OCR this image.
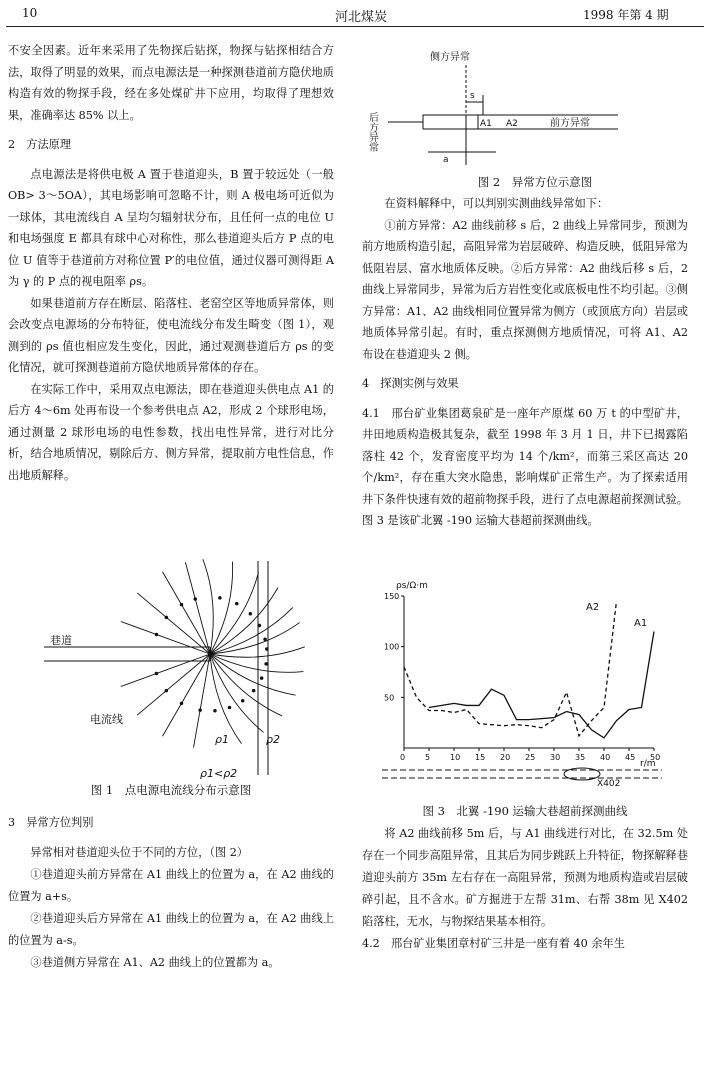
10	河北煤炭	1998 年第 4 期

不安全因素。近年来采用了先物探后钻探，物探与钻探相结合方法，取得了明显的效果，而点电源法是一种探测巷道前方隐伏地质构造有效的物探手段，经在多处煤矿井下应用，均取得了理想效果，准确率达 85% 以上。

2　方法原理

点电源法是将供电极 A 置于巷道迎头，B 置于较远处（一般 OB> 3～5OA），其电场影响可忽略不计，则 A 极电场可近似为一球体，其电流线自 A 呈均匀辐射状分布，且任何一点的电位 U 和电场强度 E 都具有球中心对称性，那么巷道迎头后方 P 点的电位 U 值等于巷道前方对称位置 P′的电位值，通过仪器可测得距 A 为 γ 的 P 点的视电阻率 ρs。

如果巷道前方存在断层、陷落柱、老窑空区等地质异常体，则会改变点电源场的分布特征，使电流线分布发生畸变（图 1），观测到的 ρs 值也相应发生变化，因此，通过观测巷道后方 ρs 的变化情况，就可探测巷道前方隐伏地质异常体的存在。

在实际工作中，采用双点电源法，即在巷道迎头供电点 A1 的后方 4～6m 处再布设一个参考供电点 A2，形成 2 个球形电场，通过测量 2 球形电场的电性参数，找出电性异常，进行对比分析，结合地质情况，剔除后方、侧方异常，提取前方电性信息，作出地质解释。

巷道
电流线
ρ1	ρ2
ρ1<ρ2
图 1　点电源电流线分布示意图

3　异常方位判别

异常相对巷道迎头位于不同的方位，（图 2）

①巷道迎头前方异常在 A1 曲线上的位置为 a，在 A2 曲线的位置为 a+s。

②巷道迎头后方异常在 A1 曲线上的位置为 a，在 A2 曲线上的位置为 a-s。

③巷道侧方异常在 A1、A2 曲线上的位置都为 a。

侧方异常
后方异常	前方异常
A1 A2
s
a
图 2　异常方位示意图

在资料解释中，可以判别实测曲线异常如下：

①前方异常：A2 曲线前移 s 后，2 曲线上异常同步，预测为前方地质构造引起，高阻异常为岩层破碎、构造反映，低阻异常为低阻岩层、富水地质体反映。②后方异常：A2 曲线后移 s 后，2 曲线上异常同步，异常为后方岩性变化或底板电性不均引起。③侧方异常：A1、A2 曲线相同位置异常为侧方（或顶底方向）岩层或地质体异常引起。有时，重点探测侧方地质情况，可将 A1、A2 布设在巷道迎头 2 侧。

4　探测实例与效果

4.1　邢台矿业集团葛泉矿是一座年产原煤 60 万 t 的中型矿井，井田地质构造极其复杂，截至 1998 年 3 月 1 日，井下已揭露陷落柱 42 个，发育密度平均为 14 个/km²，而第三采区高达 20 个/km²，存在重大突水隐患，影响煤矿正常生产。为了探索适用井下条件快速有效的超前物探手段，进行了点电源超前探测试验。图 3 是该矿北翼 -190 运输大巷超前探测曲线。

ρs/Ω·m
r/m
A2
A1
X402
0 5 10 15 20 25 30 35 40 45 50
50
100
150
图 3　北翼 -190 运输大巷超前探测曲线

将 A2 曲线前移 5m 后，与 A1 曲线进行对比，在 32.5m 处存在一个同步高阻异常，且其后为同步跳跃上升特征，物探解释巷道迎头前方 35m 左右存在一高阻异常，预测为地质构造或岩层破碎引起，且不含水。矿方掘进于左帮 31m、右帮 38m 见 X402 陷落柱，无水，与物探结果基本相符。

4.2　邢台矿业集团章村矿三井是一座有着 40 余年生
